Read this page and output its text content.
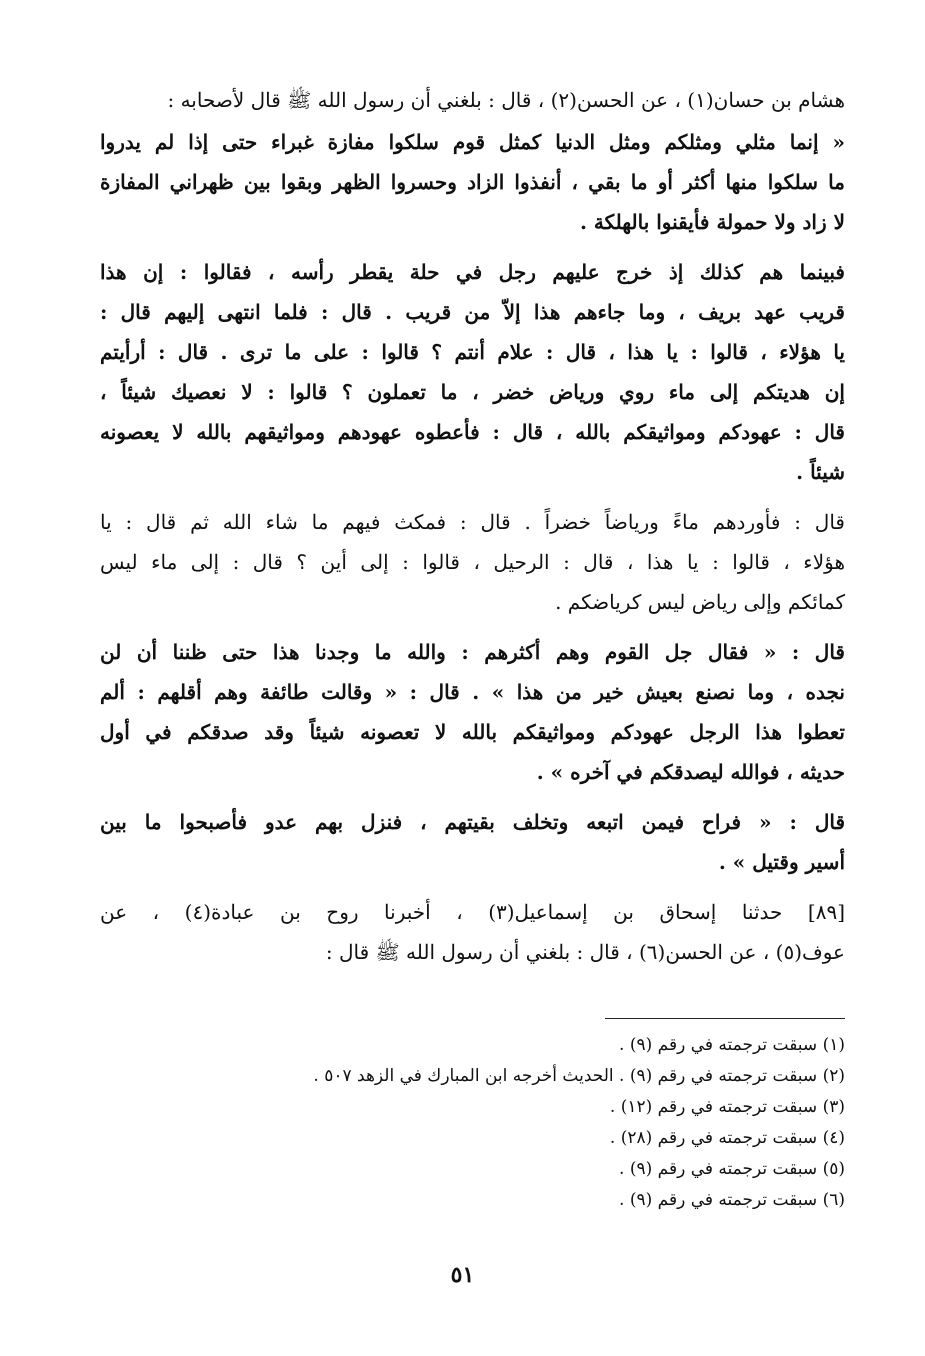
هشام بن حسان(١) ، عن الحسن(٢) ، قال : بلغني أن رسول الله ﷺ قال لأصحابه :
« إنما مثلي ومثلكم ومثل الدنيا كمثل قوم سلكوا مفازة غبراء حتى إذا لم يدروا
ما سلكوا منها أكثر أو ما بقي ، أنفذوا الزاد وحسروا الظهر وبقوا بين ظهراني المفازة
لا زاد ولا حمولة فأيقنوا بالهلكة .
فبينما هم كذلك إذ خرج عليهم رجل في حلة يقطر رأسه ، فقالوا : إن هذا
قريب عهد بريف ، وما جاءهم هذا إلاّ من قريب . قال : فلما انتهى إليهم قال :
يا هؤلاء ، قالوا : يا هذا ، قال : علام أنتم ؟ قالوا : على ما ترى . قال : أرأيتم
إن هديتكم إلى ماء روي ورياض خضر ، ما تعملون ؟ قالوا : لا نعصيك شيئاً ،
قال : عهودكم ومواثيقكم بالله ، قال : فأعطوه عهودهم ومواثيقهم بالله لا يعصونه
شيئاً .
قال : فأوردهم ماءً ورياضاً خضراً . قال : فمكث فيهم ما شاء الله ثم قال : يا
هؤلاء ، قالوا : يا هذا ، قال : الرحيل ، قالوا : إلى أين ؟ قال : إلى ماء ليس
كمائكم وإلى رياض ليس كرياضكم .
قال : « فقال جل القوم وهم أكثرهم : والله ما وجدنا هذا حتى ظننا أن لن
نجده ، وما نصنع بعيش خير من هذا » . قال : « وقالت طائفة وهم أقلهم : ألم
تعطوا هذا الرجل عهودكم ومواثيقكم بالله لا تعصونه شيئاً وقد صدقكم في أول
حديثه ، فوالله ليصدقكم في آخره » .
قال : « فراح فيمن اتبعه وتخلف بقيتهم ، فنزل بهم عدو فأصبحوا ما بين
أسير وقتيل » .
[٨٩] حدثنا إسحاق بن إسماعيل(٣) ، أخبرنا روح بن عبادة(٤) ، عن
عوف(٥) ، عن الحسن(٦) ، قال : بلغني أن رسول الله ﷺ قال :
(١) سبقت ترجمته في رقم (٩) .
(٢) سبقت ترجمته في رقم (٩) . الحديث أخرجه ابن المبارك في الزهد ٥٠٧ .
(٣) سبقت ترجمته في رقم (١٢) .
(٤) سبقت ترجمته في رقم (٢٨) .
(٥) سبقت ترجمته في رقم (٩) .
(٦) سبقت ترجمته في رقم (٩) .
٥١
